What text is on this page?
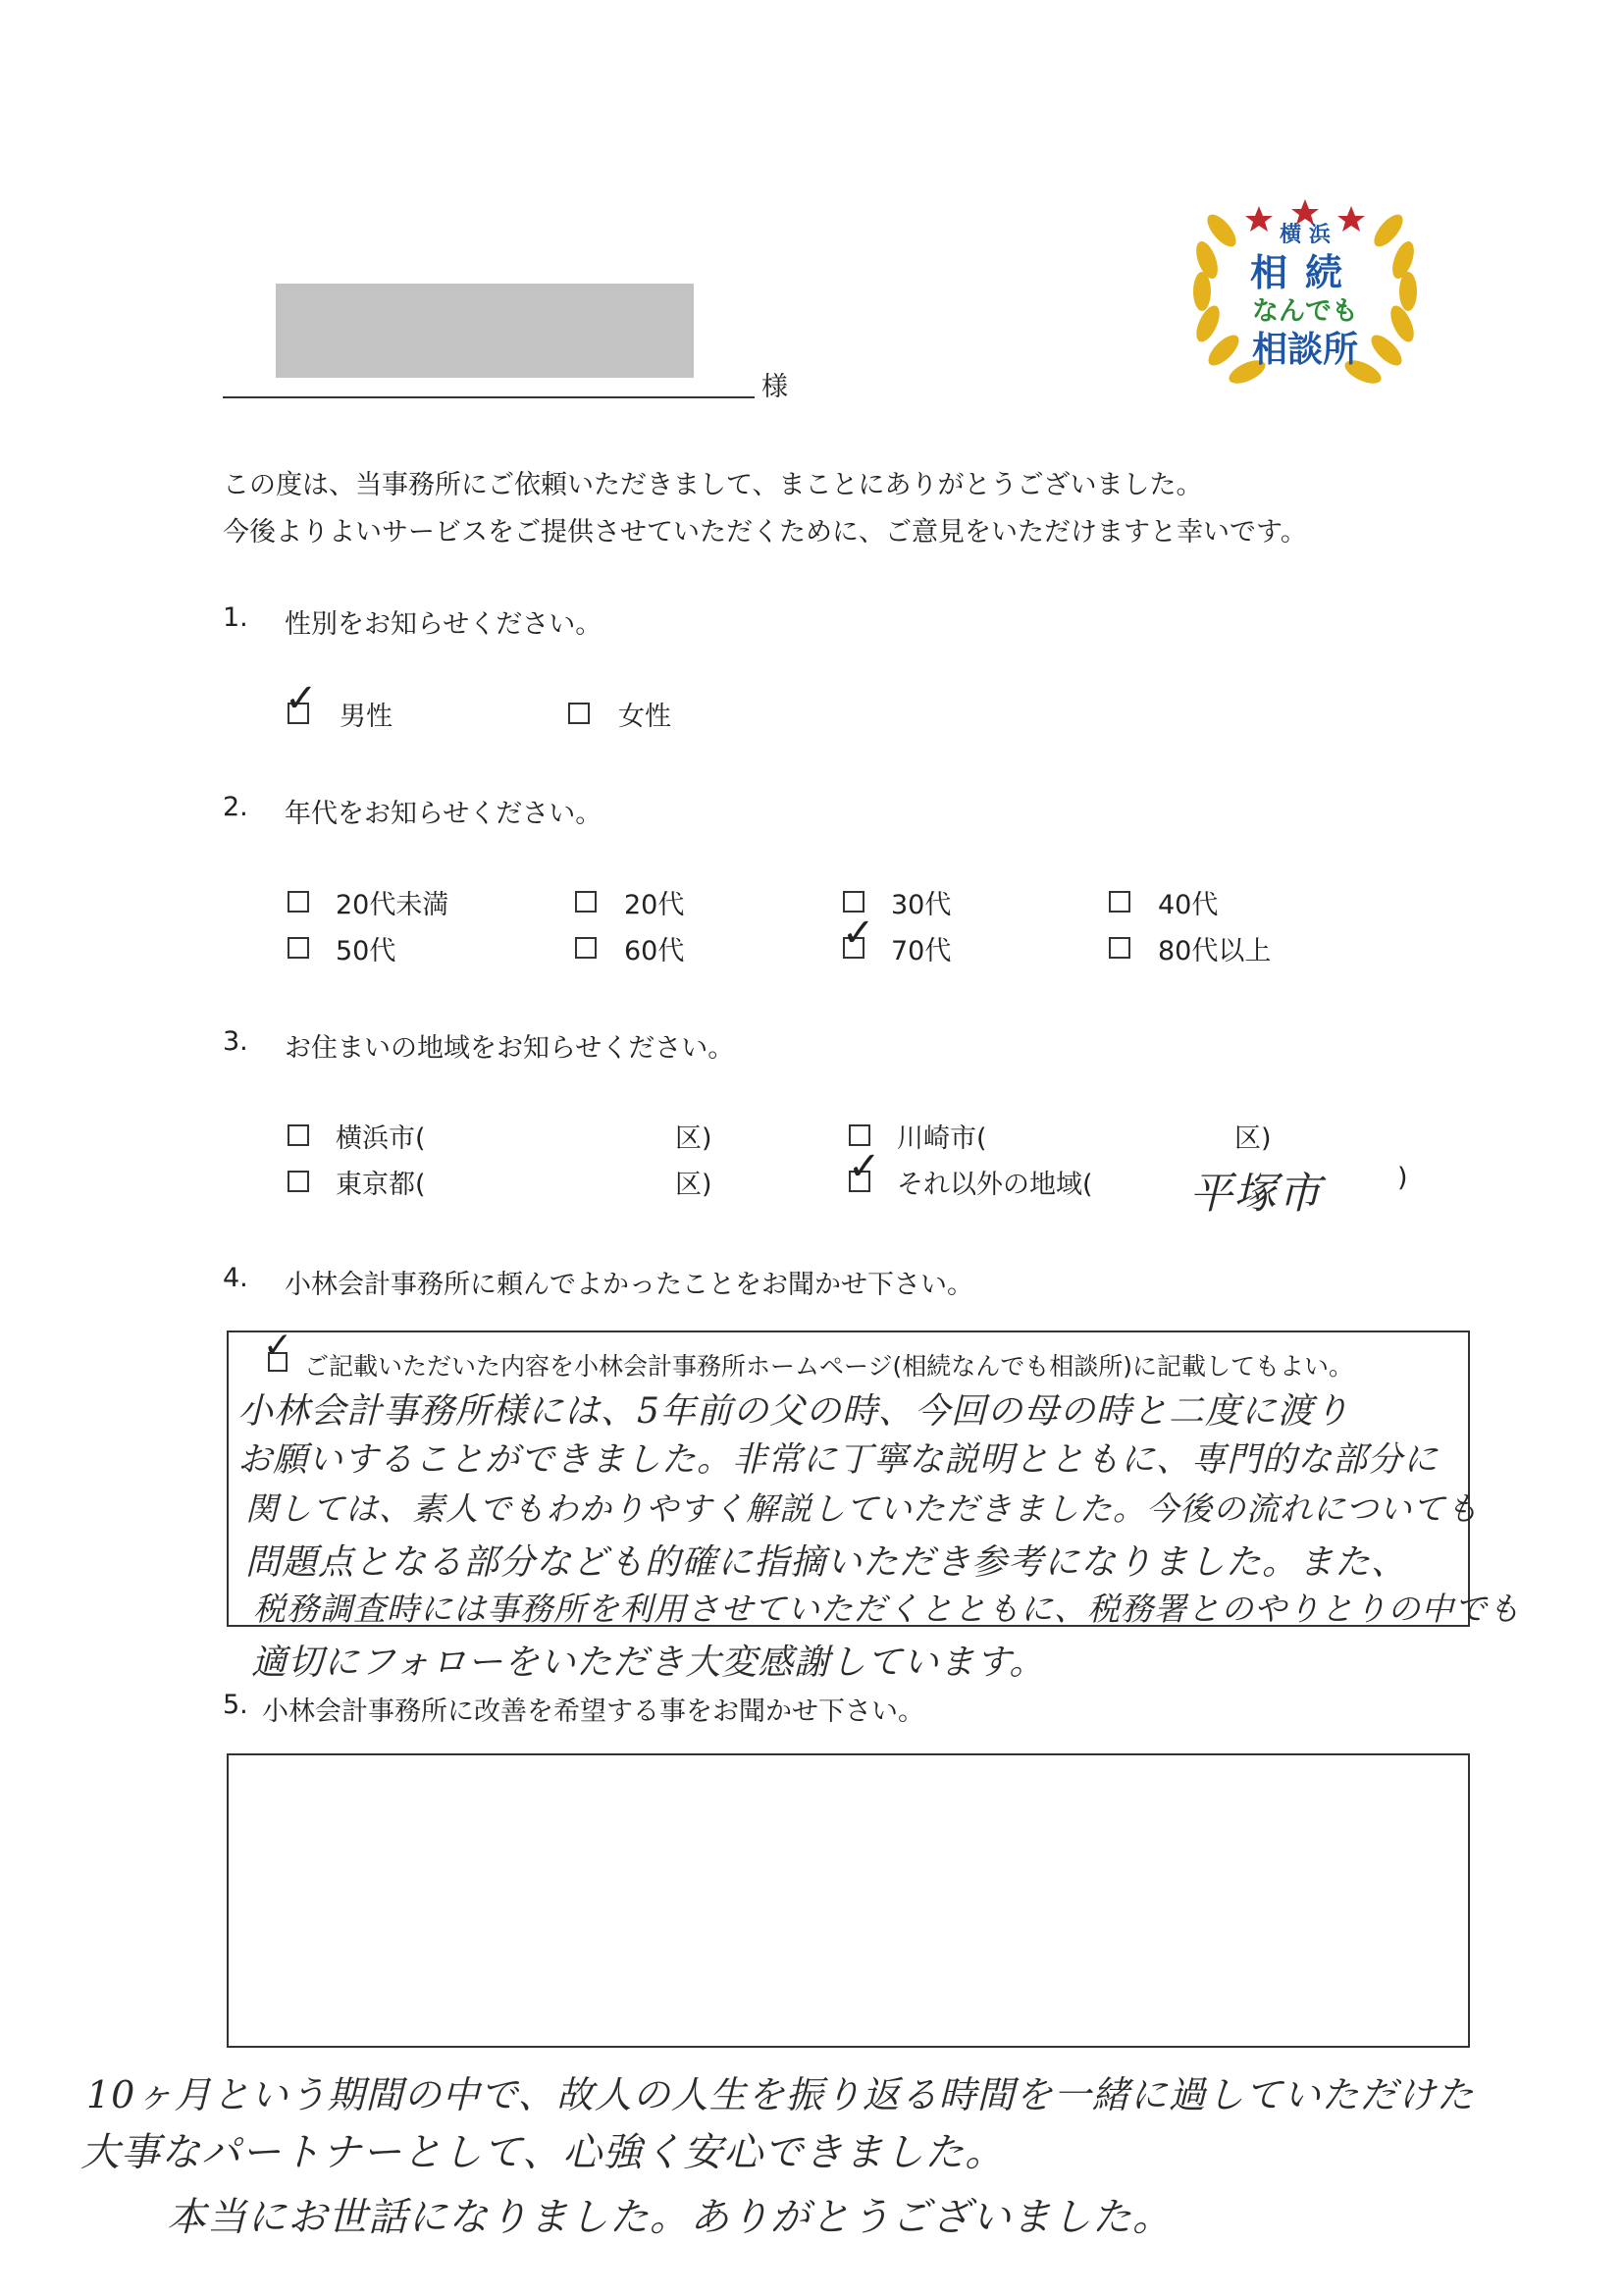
横 浜
相続
なんでも
相談所
様
この度は、当事務所にご依頼いただきまして、まことにありがとうございました。
今後よりよいサービスをご提供させていただくために、ご意見をいただけますと幸いです。
1. 性別をお知らせください。
✓ 男性	女性
2. 年代をお知らせください。
20代未満	20代	30代	40代
50代	60代	✓ 70代	80代以上
3. お住まいの地域をお知らせください。
横浜市(	区)	川崎市(	区)
東京都(	区)	✓ それ以外の地域( 平塚市	)
4. 小林会計事務所に頼んでよかったことをお聞かせ下さい。
✓
ご記載いただいた内容を小林会計事務所ホームページ(相続なんでも相談所)に記載してもよい。
小林会計事務所様には、5年前の父の時、今回の母の時と二度に渡り
お願いすることができました。非常に丁寧な説明とともに、専門的な部分に
関しては、素人でもわかりやすく解説していただきました。今後の流れについても
問題点となる部分なども的確に指摘いただき参考になりました。また、
税務調査時には事務所を利用させていただくとともに、税務署とのやりとりの中でも
適切にフォローをいただき大変感謝しています。
5. 小林会計事務所に改善を希望する事をお聞かせ下さい。
10ヶ月という期間の中で、故人の人生を振り返る時間を一緒に過していただけた
大事なパートナーとして、心強く安心できました。
本当にお世話になりました。ありがとうございました。
